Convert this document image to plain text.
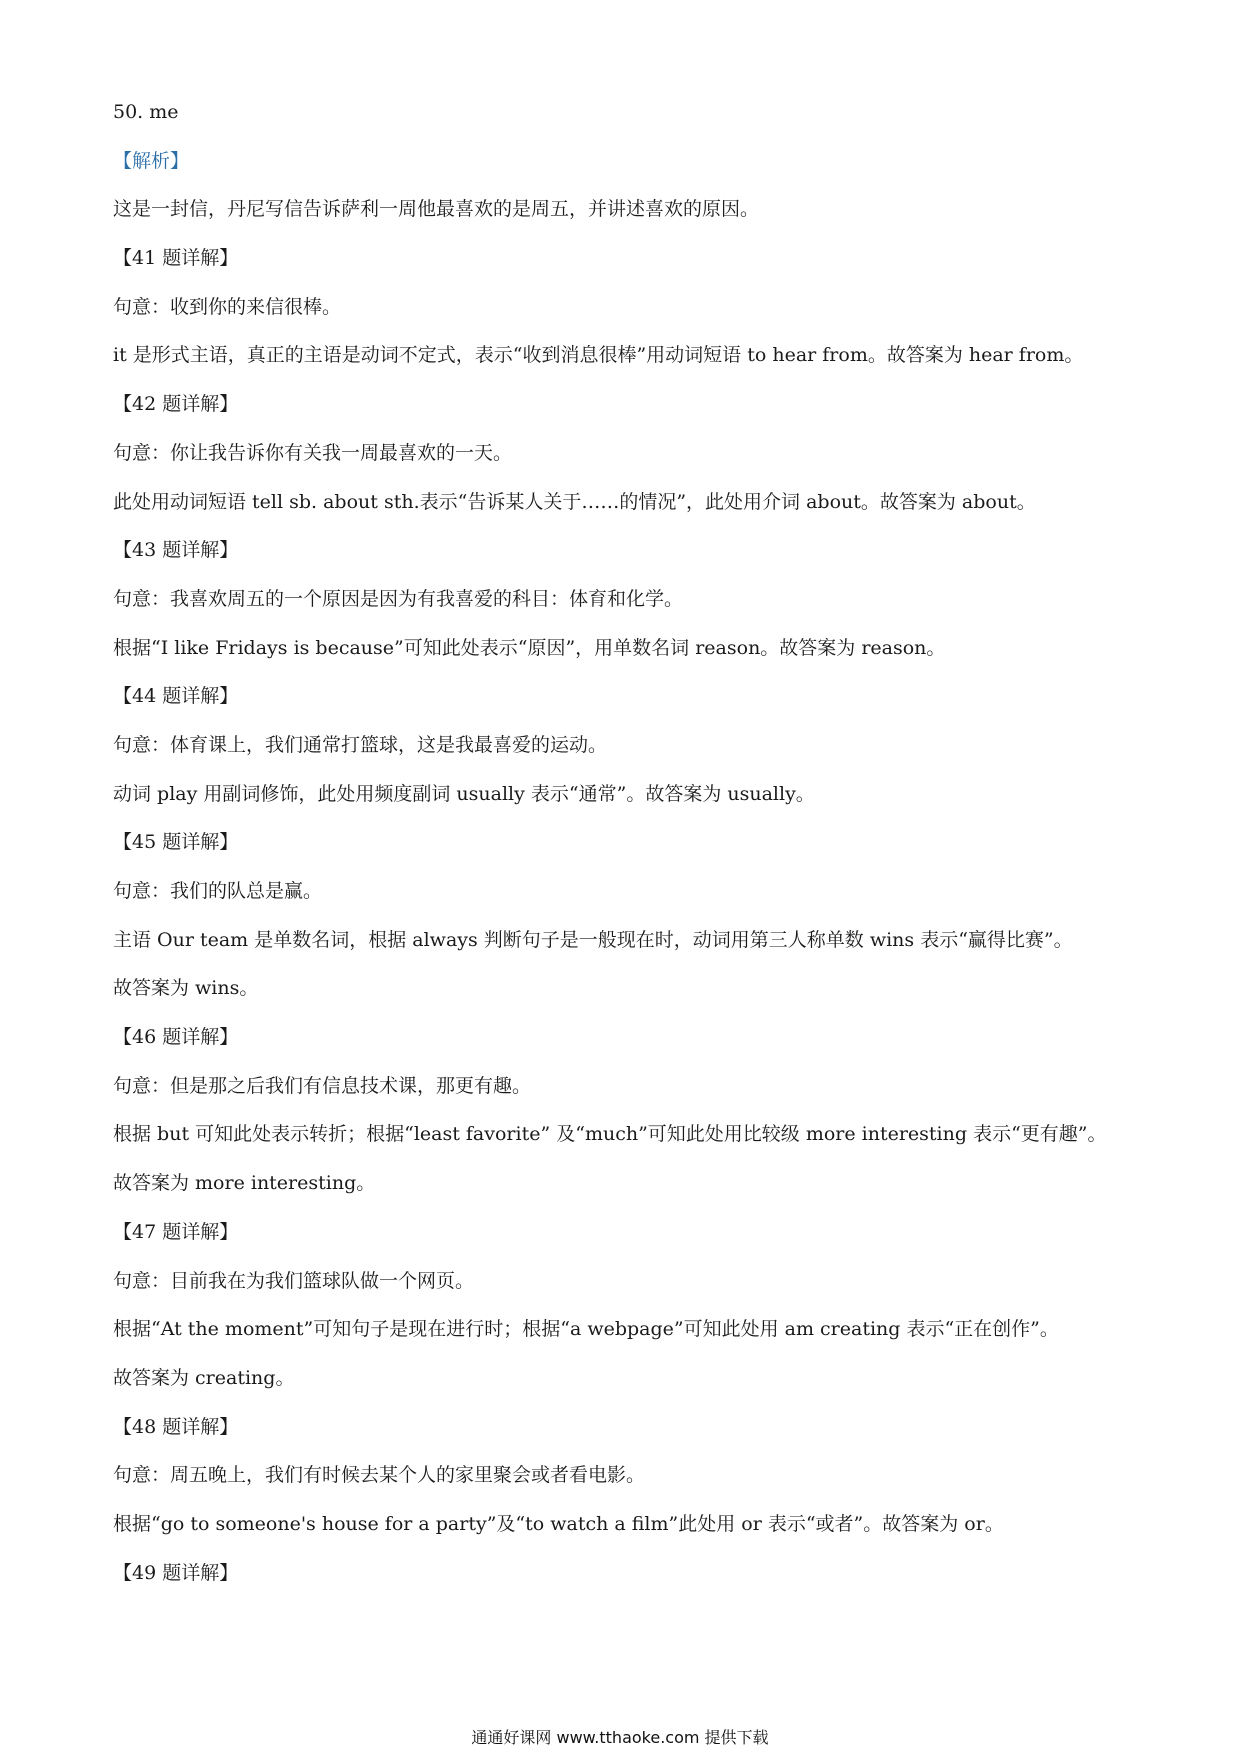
50. me
【解析】
这是一封信，丹尼写信告诉萨利一周他最喜欢的是周五，并讲述喜欢的原因。
【41 题详解】
句意：收到你的来信很棒。
it 是形式主语，真正的主语是动词不定式，表示“收到消息很棒”用动词短语 to hear from。故答案为 hear from。
【42 题详解】
句意：你让我告诉你有关我一周最喜欢的一天。
此处用动词短语 tell sb. about sth.表示“告诉某人关于……的情况”，此处用介词 about。故答案为 about。
【43 题详解】
句意：我喜欢周五的一个原因是因为有我喜爱的科目：体育和化学。
根据“I like Fridays is because”可知此处表示“原因”，用单数名词 reason。故答案为 reason。
【44 题详解】
句意：体育课上，我们通常打篮球，这是我最喜爱的运动。
动词 play 用副词修饰，此处用频度副词 usually 表示“通常”。故答案为 usually。
【45 题详解】
句意：我们的队总是赢。
主语 Our team 是单数名词，根据 always 判断句子是一般现在时，动词用第三人称单数 wins 表示“赢得比赛”。
故答案为 wins。
【46 题详解】
句意：但是那之后我们有信息技术课，那更有趣。
根据 but 可知此处表示转折；根据“least favorite” 及“much”可知此处用比较级 more interesting 表示“更有趣”。
故答案为 more interesting。
【47 题详解】
句意：目前我在为我们篮球队做一个网页。
根据“At the moment”可知句子是现在进行时；根据“a webpage”可知此处用 am creating 表示“正在创作”。
故答案为 creating。
【48 题详解】
句意：周五晚上，我们有时候去某个人的家里聚会或者看电影。
根据“go to someone's house for a party”及“to watch a film”此处用 or 表示“或者”。故答案为 or。
【49 题详解】
通通好课网 www.tthaoke.com 提供下载
